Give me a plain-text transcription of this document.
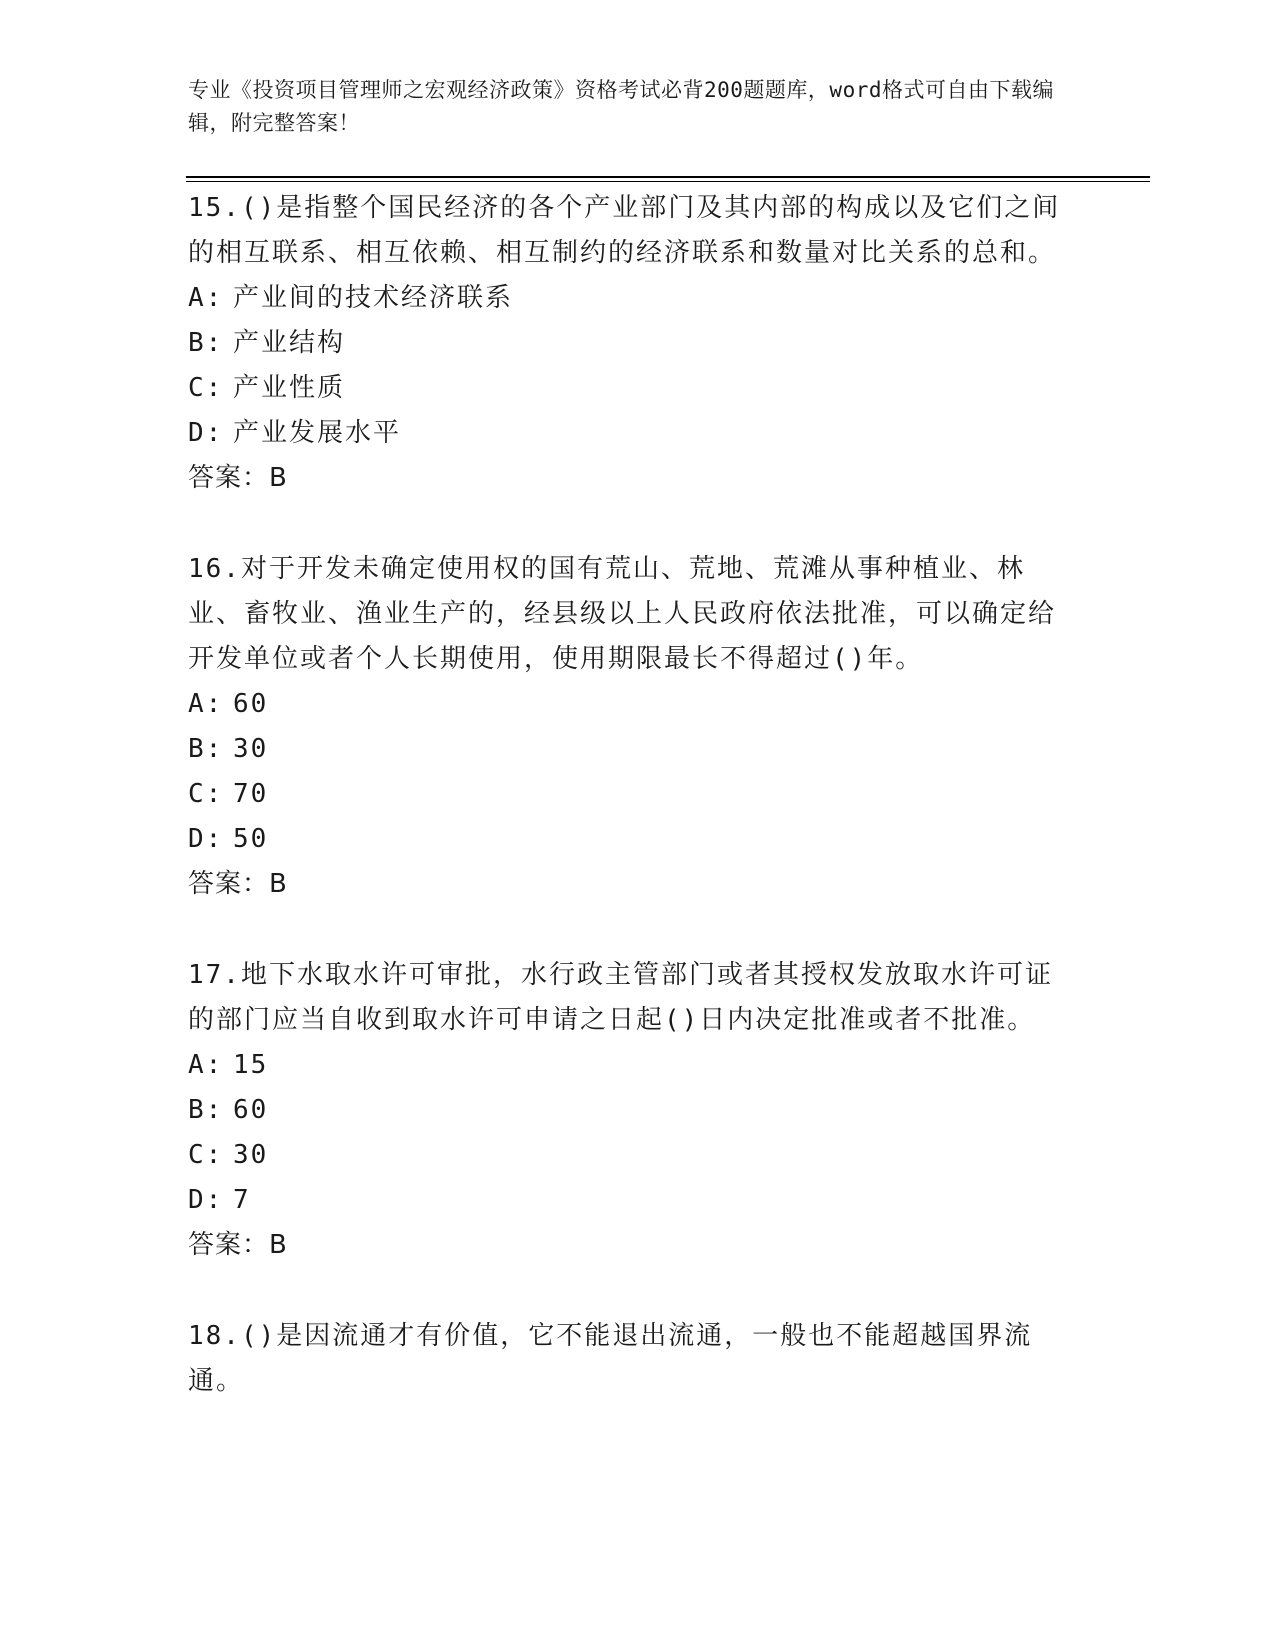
专业《投资项目管理师之宏观经济政策》资格考试必背200题题库，word格式可自由下载编辑，附完整答案！

15.()是指整个国民经济的各个产业部门及其内部的构成以及它们之间的相互联系、相互依赖、相互制约的经济联系和数量对比关系的总和。

A: 产业间的技术经济联系
B: 产业结构
C: 产业性质
D: 产业发展水平

答案：B

16.对于开发未确定使用权的国有荒山、荒地、荒滩从事种植业、林业、畜牧业、渔业生产的，经县级以上人民政府依法批准，可以确定给开发单位或者个人长期使用，使用期限最长不得超过()年。

A: 60
B: 30
C: 70
D: 50

答案：B

17.地下水取水许可审批，水行政主管部门或者其授权发放取水许可证的部门应当自收到取水许可申请之日起()日内决定批准或者不批准。

A: 15
B: 60
C: 30
D: 7

答案：B

18.()是因流通才有价值，它不能退出流通，一般也不能超越国界流通。
